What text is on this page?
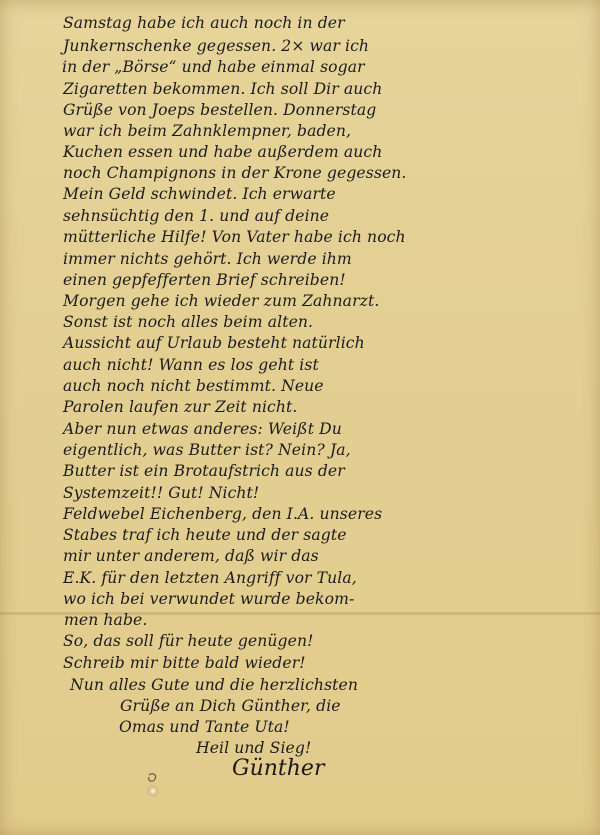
Samstag habe ich auch noch in der
Junkernschenke gegessen. 2× war ich
in der „Börse“ und habe einmal sogar
Zigaretten bekommen. Ich soll Dir auch
Grüße von Joeps bestellen. Donnerstag
war ich beim Zahnklempner, baden,
Kuchen essen und habe außerdem auch
noch Champignons in der Krone gegessen.
Mein Geld schwindet. Ich erwarte
sehnsüchtig den 1. und auf deine
mütterliche Hilfe! Von Vater habe ich noch
immer nichts gehört. Ich werde ihm
einen gepfefferten Brief schreiben!
Morgen gehe ich wieder zum Zahnarzt.
Sonst ist noch alles beim alten.
Aussicht auf Urlaub besteht natürlich
auch nicht! Wann es los geht ist
auch noch nicht bestimmt. Neue
Parolen laufen zur Zeit nicht.
Aber nun etwas anderes: Weißt Du
eigentlich, was Butter ist? Nein? Ja,
Butter ist ein Brotaufstrich aus der
Systemzeit!! Gut! Nicht!
Feldwebel Eichenberg, den I.A. unseres
Stabes traf ich heute und der sagte
mir unter anderem, daß wir das
E.K. für den letzten Angriff vor Tula,
wo ich bei verwundet wurde bekom-
men habe.
So, das soll für heute genügen!
Schreib mir bitte bald wieder!
Nun alles Gute und die herzlichsten
Grüße an Dich Günther, die
Omas und Tante Uta!
Heil und Sieg!
Günther
